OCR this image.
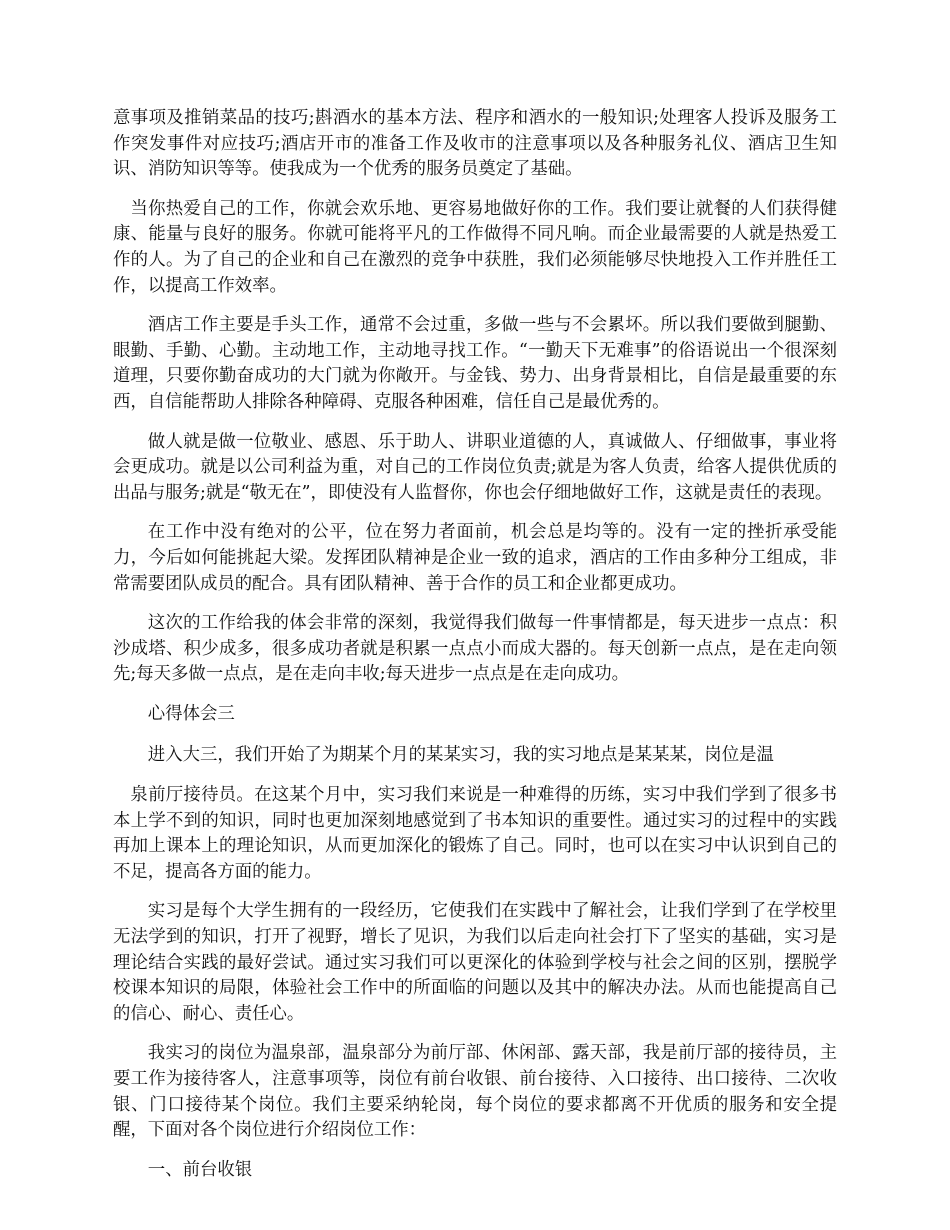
意事项及推销菜品的技巧;斟酒水的基本方法、程序和酒水的一般知识;处理客人投诉及服务工作突发事件对应技巧;酒店开市的准备工作及收市的注意事项以及各种服务礼仪、酒店卫生知识、消防知识等等。使我成为一个优秀的服务员奠定了基础。

当你热爱自己的工作，你就会欢乐地、更容易地做好你的工作。我们要让就餐的人们获得健康、能量与良好的服务。你就可能将平凡的工作做得不同凡响。而企业最需要的人就是热爱工作的人。为了自己的企业和自己在激烈的竞争中获胜，我们必须能够尽快地投入工作并胜任工作，以提高工作效率。

酒店工作主要是手头工作，通常不会过重，多做一些与不会累坏。所以我们要做到腿勤、眼勤、手勤、心勤。主动地工作，主动地寻找工作。“一勤天下无难事”的俗语说出一个很深刻道理，只要你勤奋成功的大门就为你敞开。与金钱、势力、出身背景相比，自信是最重要的东西，自信能帮助人排除各种障碍、克服各种困难，信任自己是最优秀的。

做人就是做一位敬业、感恩、乐于助人、讲职业道德的人，真诚做人、仔细做事，事业将会更成功。就是以公司利益为重，对自己的工作岗位负责;就是为客人负责，给客人提供优质的出品与服务;就是“敬无在”，即使没有人监督你，你也会仔细地做好工作，这就是责任的表现。

在工作中没有绝对的公平，位在努力者面前，机会总是均等的。没有一定的挫折承受能力，今后如何能挑起大梁。发挥团队精神是企业一致的追求，酒店的工作由多种分工组成，非常需要团队成员的配合。具有团队精神、善于合作的员工和企业都更成功。

这次的工作给我的体会非常的深刻，我觉得我们做每一件事情都是，每天进步一点点：积沙成塔、积少成多，很多成功者就是积累一点点小而成大器的。每天创新一点点，是在走向领先;每天多做一点点，是在走向丰收;每天进步一点点是在走向成功。

心得体会三

进入大三，我们开始了为期某个月的某某实习，我的实习地点是某某某，岗位是温

泉前厅接待员。在这某个月中，实习我们来说是一种难得的历练，实习中我们学到了很多书本上学不到的知识，同时也更加深刻地感觉到了书本知识的重要性。通过实习的过程中的实践再加上课本上的理论知识，从而更加深化的锻炼了自己。同时，也可以在实习中认识到自己的不足，提高各方面的能力。

实习是每个大学生拥有的一段经历，它使我们在实践中了解社会，让我们学到了在学校里无法学到的知识，打开了视野，增长了见识，为我们以后走向社会打下了坚实的基础，实习是理论结合实践的最好尝试。通过实习我们可以更深化的体验到学校与社会之间的区别，摆脱学校课本知识的局限，体验社会工作中的所面临的问题以及其中的解决办法。从而也能提高自己的信心、耐心、责任心。

我实习的岗位为温泉部，温泉部分为前厅部、休闲部、露天部，我是前厅部的接待员，主要工作为接待客人，注意事项等，岗位有前台收银、前台接待、入口接待、出口接待、二次收银、门口接待某个岗位。我们主要采纳轮岗，每个岗位的要求都离不开优质的服务和安全提醒，下面对各个岗位进行介绍岗位工作：

一、前台收银
